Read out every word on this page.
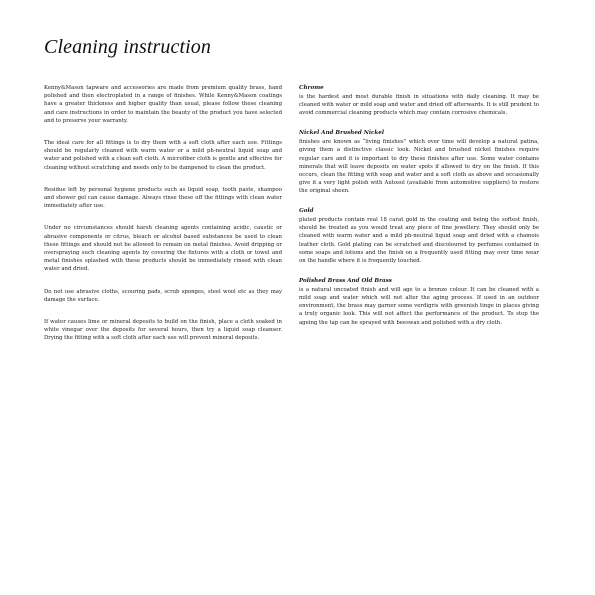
Cleaning instruction

Kenny&Mason tapware and accessories are made from premium quality brass, hand polished and then electroplated in a range of finishes. While Kenny&Mason coatings have a greater thickness and higher quality than usual, please follow these cleaning and care instructions in order to maintain the beauty of the product you have selected and to preserve your warranty.

The ideal care for all fittings is to dry them with a soft cloth after each use. Fittings should be regularly cleaned with warm water or a mild ph-neutral liquid soap and water and polished with a clean soft cloth. A microfiber cloth is gentle and effective for cleaning without scratching and needs only to be dampened to clean the product.

Residue left by personal hygiene products such as liquid soap, tooth paste, shampoo and shower gel can cause damage. Always rinse these off the fittings with clean water immediately after use.

Under no circumstances should harsh cleaning agents containing acidic, caustic or abrasive components or citrus, bleach or alcohol based substances be used to clean these fittings and should not be allowed to remain on metal finishes. Avoid dripping or overspraying such cleaning agents by covering the fixtures with a cloth or towel and metal finishes splashed with these products should be immediately rinsed with clean water and dried.

Do not use abrasive cloths, scouring pads, scrub sponges, steel wool etc as they may damage the surface.

If water causes lime or mineral deposits to build on the finish, place a cloth soaked in white vinegar over the deposits for several hours, then try a liquid soap cleanser. Drying the fitting with a soft cloth after each use will prevent mineral deposits.

Chrome

is the hardest and most durable finish in situations with daily cleaning. It may be cleaned with water or mild soap and water and dried off afterwards. It is still prudent to avoid commercial cleaning products which may contain corrosive chemicals.

Nickel And Brushed Nickel

finishes are known as “living finishes” which over time will develop a natural patina, giving them a distinctive classic look. Nickel and brushed nickel finishes require regular care and it is important to dry these finishes after use. Some water contains minerals that will leave deposits on water spots if allowed to dry on the finish. If this occurs, clean the fitting with soap and water and a soft cloth as above and occasionally give it a very light polish with Autosol (available from automotive suppliers) to restore the original sheen.

Gold

plated products contain real 18 carat gold in the coating and being the softest finish, should be treated as you would treat any piece of fine jewellery. They should only be cleaned with warm water and a mild ph-neutral liquid soap and dried with a chamois leather cloth. Gold plating can be scratched and discoloured by perfumes contained in some soaps and lotions and the finish on a frequently used fitting may over time wear on the handle where it is frequently touched.

Polished Brass And Old Brass

is a natural uncoated finish and will age to a bronze colour. It can be cleaned with a mild soap and water which will not alter the aging process. If used in an outdoor environment, the brass may garner some verdigris with greenish tinge in places giving a truly organic look. This will not affect the performance of the product. To stop the ageing the tap can be sprayed with beeswax and polished with a dry cloth.
